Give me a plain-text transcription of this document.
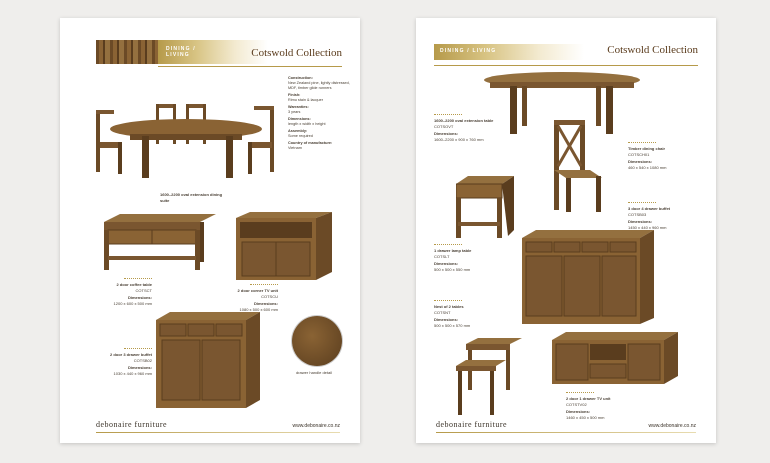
DINING / LIVING	Cotswold Collection
1600–2200 oval extension dining suite
Construction:
New Zealand pine, lightly distressed, MDF, timber glide runners
Finish:
Rimu stain & lacquer
Warranties:
3 years
Dimensions:
length x width x height
Assembly:
Some required
Country of manufacture:
Vietnam
2 door coffee table
COTSCT
Dimensions:
1200 x 600 x 500 mm
2 door corner TV unit
COTSCU
Dimensions:
1080 x 500 x 600 mm
2 door 3 drawer buffet
COTSB02
Dimensions:
1030 x 440 x 960 mm	drawer handle detail
debonaire furniture	www.debonaire.co.nz
DINING / LIVING	Cotswold Collection
1600–2200 oval extension table
COTSOVT
Dimensions:
1600–2200 x 900 x 760 mm
Timber dining chair
COTSCH01
Dimensions:
460 x 540 x 1080 mm
1 drawer lamp table
COTSLT
Dimensions:
500 x 500 x 550 mm
3 door 4 drawer buffet
COTSB03
Dimensions:
1450 x 440 x 960 mm
Nest of 2 tables
COTSNT
Dimensions:
500 x 500 x 570 mm
2 door 1 drawer TV unit
COTSTV02
Dimensions:
1460 x 450 x 500 mm
debonaire furniture	www.debonaire.co.nz
